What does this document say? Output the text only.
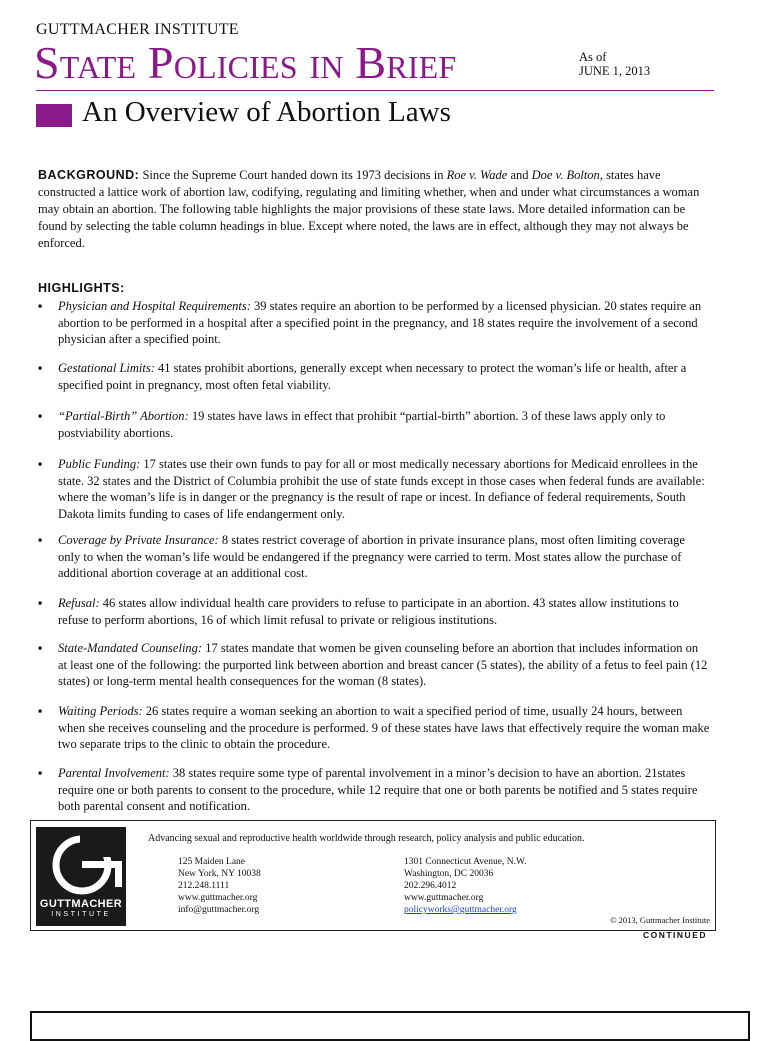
GUTTMACHER INSTITUTE
State Policies in Brief	As of
JUNE 1, 2013
An Overview of Abortion Laws
BACKGROUND: Since the Supreme Court handed down its 1973 decisions in Roe v. Wade and Doe v. Bolton, states have constructed a lattice work of abortion law, codifying, regulating and limiting whether, when and under what circumstances a woman may obtain an abortion. The following table highlights the major provisions of these state laws. More detailed information can be found by selecting the table column headings in blue. Except where noted, the laws are in effect, although they may not always be enforced.
HIGHLIGHTS:
▪	Physician and Hospital Requirements: 39 states require an abortion to be performed by a licensed physician. 20 states require an abortion to be performed in a hospital after a specified point in the pregnancy, and 18 states require the involvement of a second physician after a specified point.
▪	Gestational Limits: 41 states prohibit abortions, generally except when necessary to protect the woman’s life or health, after a specified point in pregnancy, most often fetal viability.
▪	“Partial-Birth” Abortion: 19 states have laws in effect that prohibit “partial-birth” abortion. 3 of these laws apply only to postviability abortions.
▪	Public Funding: 17 states use their own funds to pay for all or most medically necessary abortions for Medicaid enrollees in the state. 32 states and the District of Columbia prohibit the use of state funds except in those cases when federal funds are available: where the woman’s life is in danger or the pregnancy is the result of rape or incest. In defiance of federal requirements, South Dakota limits funding to cases of life endangerment only.
▪	Coverage by Private Insurance: 8 states restrict coverage of abortion in private insurance plans, most often limiting coverage only to when the woman’s life would be endangered if the pregnancy were carried to term. Most states allow the purchase of additional abortion coverage at an additional cost.
▪	Refusal: 46 states allow individual health care providers to refuse to participate in an abortion. 43 states allow institutions to refuse to perform abortions, 16 of which limit refusal to private or religious institutions.
▪	State-Mandated Counseling: 17 states mandate that women be given counseling before an abortion that includes information on at least one of the following: the purported link between abortion and breast cancer (5 states), the ability of a fetus to feel pain (12 states) or long-term mental health consequences for the woman (8 states).
▪	Waiting Periods: 26 states require a woman seeking an abortion to wait a specified period of time, usually 24 hours, between when she receives counseling and the procedure is performed. 9 of these states have laws that effectively require the woman make two separate trips to the clinic to obtain the procedure.
▪	Parental Involvement: 38 states require some type of parental involvement in a minor’s decision to have an abortion. 21states require one or both parents to consent to the procedure, while 12 require that one or both parents be notified and 5 states require both parental consent and notification.
GUTTMACHER
INSTITUTE
Advancing sexual and reproductive health worldwide through research, policy analysis and public education.
125 Maiden Lane
New York, NY 10038
212.248.1111
www.guttmacher.org
info@guttmacher.org
1301 Connecticut Avenue, N.W.
Washington, DC 20036
202.296.4012
www.guttmacher.org
policyworks@guttmacher.org
© 2013, Guttmacher Institute
CONTINUED
